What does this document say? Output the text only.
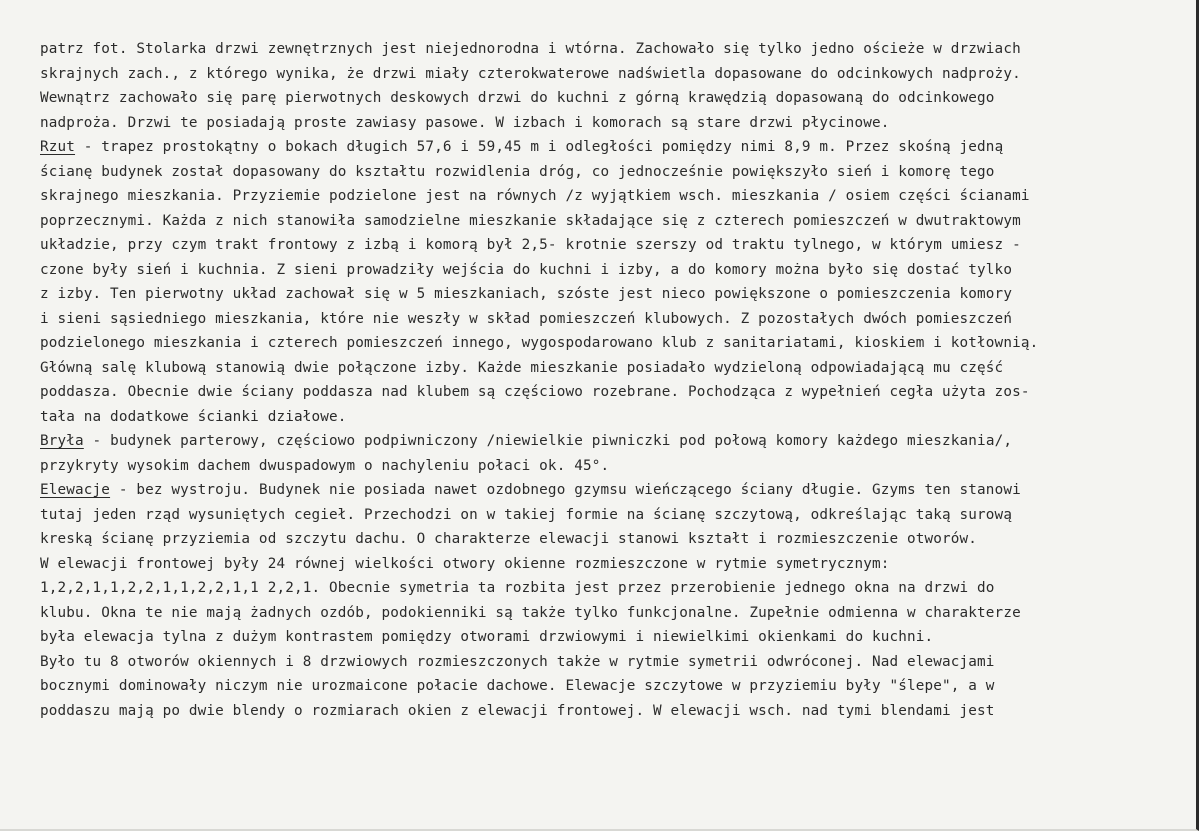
patrz fot. Stolarka drzwi zewnętrznych jest niejednorodna i wtórna. Zachowało się tylko jedno ościeże w drzwiach
skrajnych zach., z którego wynika, że drzwi miały czterokwaterowe nadświetla dopasowane do odcinkowych nadproży.
Wewnątrz zachowało się parę pierwotnych deskowych drzwi do kuchni z górną krawędzią dopasowaną do odcinkowego
nadproża. Drzwi te posiadają proste zawiasy pasowe. W izbach i komorach są stare drzwi płycinowe.
Rzut - trapez prostokątny o bokach długich 57,6 i 59,45 m i odległości pomiędzy nimi 8,9 m. Przez skośną jedną
ścianę budynek został dopasowany do kształtu rozwidlenia dróg, co jednocześnie powiększyło sień i komorę tego
skrajnego mieszkania. Przyziemie podzielone jest na równych /z wyjątkiem wsch. mieszkania / osiem części ścianami
poprzecznymi. Każda z nich stanowiła samodzielne mieszkanie składające się z czterech pomieszczeń w dwutraktowym
układzie, przy czym trakt frontowy z izbą i komorą był 2,5- krotnie szerszy od traktu tylnego, w którym umiesz -
czone były sień i kuchnia. Z sieni prowadziły wejścia do kuchni i izby, a do komory można było się dostać tylko
z izby. Ten pierwotny układ zachował się w 5 mieszkaniach, szóste jest nieco powiększone o pomieszczenia komory
i sieni sąsiedniego mieszkania, które nie weszły w skład pomieszczeń klubowych. Z pozostałych dwóch pomieszczeń
podzielonego mieszkania i czterech pomieszczeń innego, wygospodarowano klub z sanitariatami, kioskiem i kotłownią.
Główną salę klubową stanowią dwie połączone izby. Każde mieszkanie posiadało wydzieloną odpowiadającą mu część
poddasza. Obecnie dwie ściany poddasza nad klubem są częściowo rozebrane. Pochodząca z wypełnień cegła użyta zos-
tała na dodatkowe ścianki działowe.
Bryła - budynek parterowy, częściowo podpiwniczony /niewielkie piwniczki pod połową komory każdego mieszkania/,
przykryty wysokim dachem dwuspadowym o nachyleniu połaci ok. 45°.
Elewacje - bez wystroju. Budynek nie posiada nawet ozdobnego gzymsu wieńczącego ściany długie. Gzyms ten stanowi
tutaj jeden rząd wysuniętych cegieł. Przechodzi on w takiej formie na ścianę szczytową, odkreślając taką surową
kreską ścianę przyziemia od szczytu dachu. O charakterze elewacji stanowi kształt i rozmieszczenie otworów.
W elewacji frontowej były 24 równej wielkości otwory okienne rozmieszczone w rytmie symetrycznym:
1,2,2,1,1,2,2,1,1,2,2,1,1 2,2,1. Obecnie symetria ta rozbita jest przez przerobienie jednego okna na drzwi do
klubu. Okna te nie mają żadnych ozdób, podokienniki są także tylko funkcjonalne. Zupełnie odmienna w charakterze
była elewacja tylna z dużym kontrastem pomiędzy otworami drzwiowymi i niewielkimi okienkami do kuchni.
Było tu 8 otworów okiennych i 8 drzwiowych rozmieszczonych także w rytmie symetrii odwróconej. Nad elewacjami
bocznymi dominowały niczym nie urozmaicone połacie dachowe. Elewacje szczytowe w przyziemiu były "ślepe", a w
poddaszu mają po dwie blendy o rozmiarach okien z elewacji frontowej. W elewacji wsch. nad tymi blendami jest
